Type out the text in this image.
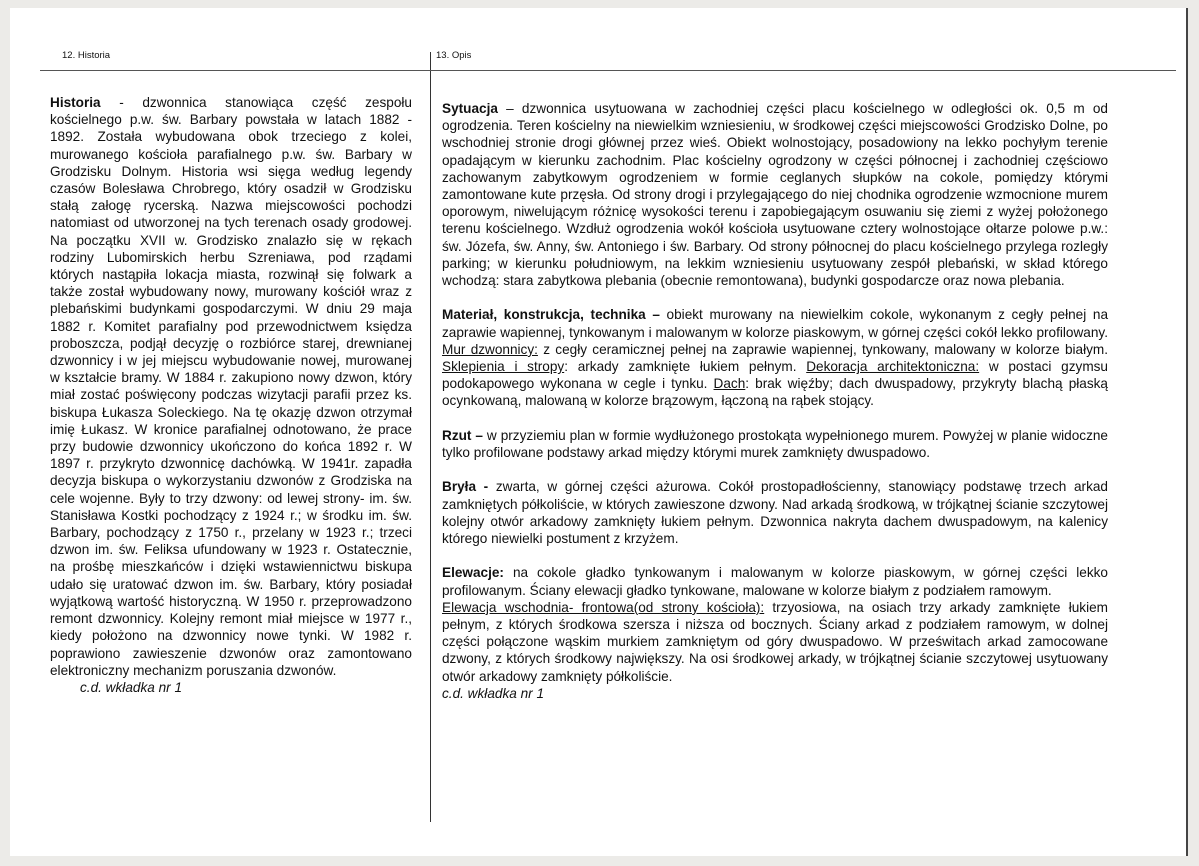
12. Historia	13. Opis

Historia - dzwonnica stanowiąca część zespołu kościelnego p.w. św. Barbary powstała w latach 1882 - 1892. Została wybudowana obok trzeciego z kolei, murowanego kościoła parafialnego p.w. św. Barbary w Grodzisku Dolnym. Historia wsi sięga według legendy czasów Bolesława Chrobrego, który osadził w Grodzisku stałą załogę rycerską. Nazwa miejscowości pochodzi natomiast od utworzonej na tych terenach osady grodowej. Na początku XVII w. Grodzisko znalazło się w rękach rodziny Lubomirskich herbu Szreniawa, pod rządami których nastąpiła lokacja miasta, rozwinął się folwark a także został wybudowany nowy, murowany kościół wraz z plebańskimi budynkami gospodarczymi. W dniu 29 maja 1882 r. Komitet parafialny pod przewodnictwem księdza proboszcza, podjął decyzję o rozbiórce starej, drewnianej dzwonnicy i w jej miejscu wybudowanie nowej, murowanej w kształcie bramy. W 1884 r. zakupiono nowy dzwon, który miał zostać poświęcony podczas wizytacji parafii przez ks. biskupa Łukasza Soleckiego. Na tę okazję dzwon otrzymał imię Łukasz. W kronice parafialnej odnotowano, że prace przy budowie dzwonnicy ukończono do końca 1892 r. W 1897 r. przykryto dzwonnicę dachówką. W 1941r. zapadła decyzja biskupa o wykorzystaniu dzwonów z Grodziska na cele wojenne. Były to trzy dzwony: od lewej strony- im. św. Stanisława Kostki pochodzący z 1924 r.; w środku im. św. Barbary, pochodzący z 1750 r., przelany w 1923 r.; trzeci dzwon im. św. Feliksa ufundowany w 1923 r. Ostatecznie, na prośbę mieszkańców i dzięki wstawiennictwu biskupa udało się uratować dzwon im. św. Barbary, który posiadał wyjątkową wartość historyczną. W 1950 r. przeprowadzono remont dzwonnicy. Kolejny remont miał miejsce w 1977 r., kiedy położono na dzwonnicy nowe tynki. W 1982 r. poprawiono zawieszenie dzwonów oraz zamontowano elektroniczny mechanizm poruszania dzwonów.

c.d. wkładka nr 1

Sytuacja – dzwonnica usytuowana w zachodniej części placu kościelnego w odległości ok. 0,5 m od ogrodzenia. Teren kościelny na niewielkim wzniesieniu, w środkowej części miejscowości Grodzisko Dolne, po wschodniej stronie drogi głównej przez wieś. Obiekt wolnostojący, posadowiony na lekko pochyłym terenie opadającym w kierunku zachodnim. Plac kościelny ogrodzony w części północnej i zachodniej częściowo zachowanym zabytkowym ogrodzeniem w formie ceglanych słupków na cokole, pomiędzy którymi zamontowane kute przęsła. Od strony drogi i przylegającego do niej chodnika ogrodzenie wzmocnione murem oporowym, niwelującym różnicę wysokości terenu i zapobiegającym osuwaniu się ziemi z wyżej położonego terenu kościelnego. Wzdłuż ogrodzenia wokół kościoła usytuowane cztery wolnostojące ołtarze polowe p.w.: św. Józefa, św. Anny, św. Antoniego i św. Barbary. Od strony północnej do placu kościelnego przylega rozległy parking; w kierunku południowym, na lekkim wzniesieniu usytuowany zespół plebański, w skład którego wchodzą: stara zabytkowa plebania (obecnie remontowana), budynki gospodarcze oraz nowa plebania.

Materiał, konstrukcja, technika – obiekt murowany na niewielkim cokole, wykonanym z cegły pełnej na zaprawie wapiennej, tynkowanym i malowanym w kolorze piaskowym, w górnej części cokół lekko profilowany. Mur dzwonnicy: z cegły ceramicznej pełnej na zaprawie wapiennej, tynkowany, malowany w kolorze białym. Sklepienia i stropy: arkady zamknięte łukiem pełnym. Dekoracja architektoniczna: w postaci gzymsu podokapowego wykonana w cegle i tynku. Dach: brak więźby; dach dwuspadowy, przykryty blachą płaską ocynkowaną, malowaną w kolorze brązowym, łączoną na rąbek stojący.

Rzut – w przyziemiu plan w formie wydłużonego prostokąta wypełnionego murem. Powyżej w planie widoczne tylko profilowane podstawy arkad między którymi murek zamknięty dwuspadowo.

Bryła - zwarta, w górnej części ażurowa. Cokół prostopadłościenny, stanowiący podstawę trzech arkad zamkniętych półkoliście, w których zawieszone dzwony. Nad arkadą środkową, w trójkątnej ścianie szczytowej kolejny otwór arkadowy zamknięty łukiem pełnym. Dzwonnica nakryta dachem dwuspadowym, na kalenicy którego niewielki postument z krzyżem.

Elewacje: na cokole gładko tynkowanym i malowanym w kolorze piaskowym, w górnej części lekko profilowanym. Ściany elewacji gładko tynkowane, malowane w kolorze białym z podziałem ramowym.
Elewacja wschodnia- frontowa(od strony kościoła): trzyosiowa, na osiach trzy arkady zamknięte łukiem pełnym, z których środkowa szersza i niższa od bocznych. Ściany arkad z podziałem ramowym, w dolnej części połączone wąskim murkiem zamkniętym od góry dwuspadowo. W prześwitach arkad zamocowane dzwony, z których środkowy największy. Na osi środkowej arkady, w trójkątnej ścianie szczytowej usytuowany otwór arkadowy zamknięty półkoliście.

c.d. wkładka nr 1
